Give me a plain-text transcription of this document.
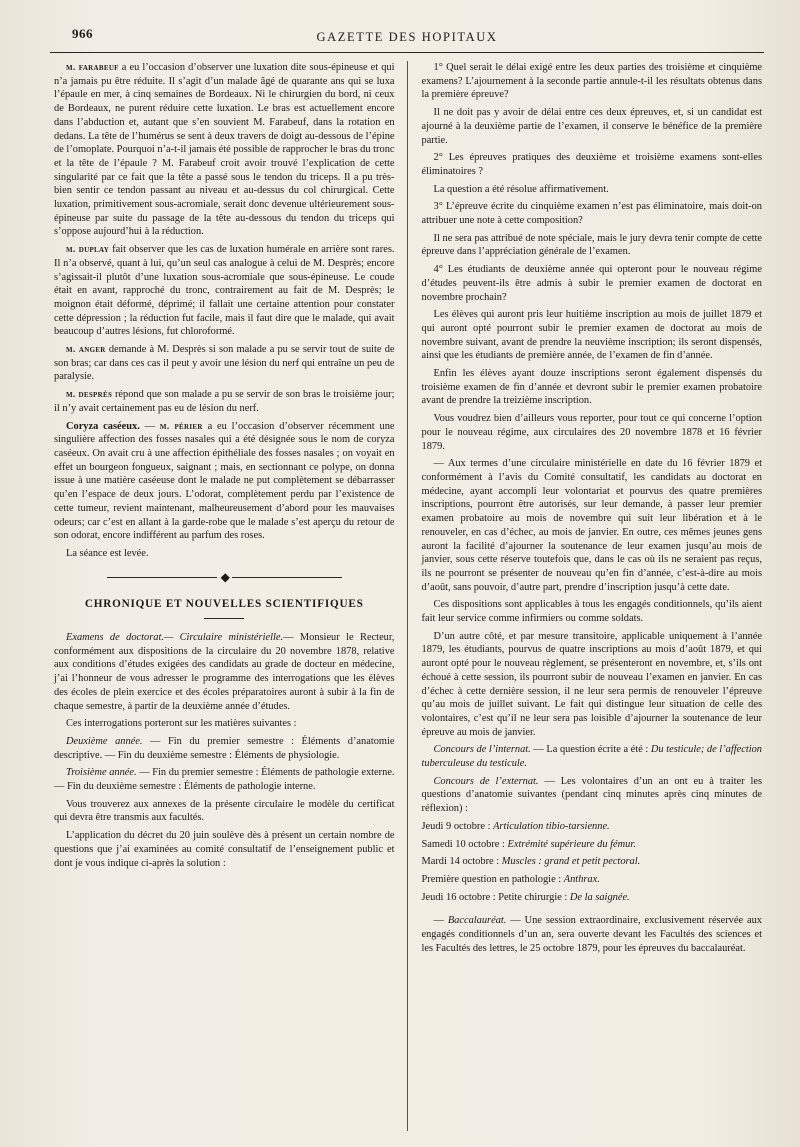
966	GAZETTE DES HOPITAUX

m. farabeuf a eu l’occasion d’observer une luxation dite sous-épineuse et qui n’a jamais pu être réduite. Il s’agit d’un malade âgé de quarante ans qui se luxa l’épaule en mer, à cinq semaines de Bordeaux. Ni le chirurgien du bord, ni ceux de Bordeaux, ne purent réduire cette luxation. Le bras est actuellement encore dans l’abduction et, autant que s’en souvient M. Farabeuf, dans la rotation en dedans. La tête de l’humérus se sent à deux travers de doigt au-dessous de l’épine de l’omoplate. Pourquoi n’a-t-il jamais été possible de rapprocher le bras du tronc et la tête de l’épaule ? M. Farabeuf croit avoir trouvé l’explication de cette singularité par ce fait que la tête a passé sous le tendon du triceps. Il a pu très-bien sentir ce tendon passant au niveau et au-dessus du col chirurgical. Cette luxation, primitivement sous-acromiale, serait donc devenue ultérieurement sous-épineuse par suite du passage de la tête au-dessous du tendon du triceps qui s’oppose aujourd’hui à la réduction.

m. duplay fait observer que les cas de luxation humérale en arrière sont rares. Il n’a observé, quant à lui, qu’un seul cas analogue à celui de M. Desprès; encore s’agissait-il plutôt d’une luxation sous-acromiale que sous-épineuse. Le coude était en avant, rapproché du tronc, contrairement au fait de M. Desprès; le moignon était déformé, déprimé; il fallait une certaine attention pour constater cette dépression ; la réduction fut facile, mais il faut dire que le malade, qui avait beaucoup d’autres lésions, fut chloroformé.

m. anger demande à M. Desprès si son malade a pu se servir tout de suite de son bras; car dans ces cas il peut y avoir une lésion du nerf qui entraîne un peu de paralysie.

m. desprès répond que son malade a pu se servir de son bras le troisième jour; il n’y avait certainement pas eu de lésion du nerf.

Coryza caséeux. — m. périer a eu l’occasion d’observer récemment une singulière affection des fosses nasales qui a été désignée sous le nom de coryza caséeux. On avait cru à une affection épithéliale des fosses nasales ; on voyait en effet un bourgeon fongueux, saignant ; mais, en sectionnant ce polype, on donna issue à une matière caséeuse dont le malade ne put complètement se débarrasser qu’en l’espace de deux jours. L’odorat, complètement perdu par l’existence de cette tumeur, revient maintenant, malheureusement d’abord pour les mauvaises odeurs; car c’est en allant à la garde-robe que le malade s’est aperçu du retour de son odorat, encore indifférent au parfum des roses.

La séance est levée.

◆
CHRONIQUE ET NOUVELLES SCIENTIFIQUES

Examens de doctorat.— Circulaire ministérielle.— Monsieur le Recteur, conformément aux dispositions de la circulaire du 20 novembre 1878, relative aux conditions d’études exigées des candidats au grade de docteur en médecine, j’ai l’honneur de vous adresser le programme des interrogations que les élèves des écoles de plein exercice et des écoles préparatoires auront à subir à la fin de chaque semestre, à partir de la deuxième année d’études.

Ces interrogations porteront sur les matières suivantes :

Deuxième année. — Fin du premier semestre : Éléments d’anatomie descriptive. — Fin du deuxième semestre : Éléments de physiologie.

Troisième année. — Fin du premier semestre : Éléments de pathologie externe. — Fin du deuxième semestre : Éléments de pathologie interne.

Vous trouverez aux annexes de la présente circulaire le modèle du certificat qui devra être transmis aux facultés.

L’application du décret du 20 juin soulève dès à présent un certain nombre de questions que j’ai examinées au comité consultatif de l’enseignement public et dont je vous indique ci-après la solution :

1° Quel serait le délai exigé entre les deux parties des troisième et cinquième examens? L’ajournement à la seconde partie annule-t-il les résultats obtenus dans la première épreuve?

Il ne doit pas y avoir de délai entre ces deux épreuves, et, si un candidat est ajourné à la deuxième partie de l’examen, il conserve le bénéfice de la première partie.

2° Les épreuves pratiques des deuxième et troisième examens sont-elles éliminatoires ?

La question a été résolue affirmativement.

3° L’épreuve écrite du cinquième examen n’est pas éliminatoire, mais doit-on attribuer une note à cette composition?

Il ne sera pas attribué de note spéciale, mais le jury devra tenir compte de cette épreuve dans l’appréciation générale de l’examen.

4° Les étudiants de deuxième année qui opteront pour le nouveau régime d’études peuvent-ils être admis à subir le premier examen de doctorat en novembre prochain?

Les élèves qui auront pris leur huitième inscription au mois de juillet 1879 et qui auront opté pourront subir le premier examen de doctorat au mois de novembre suivant, avant de prendre la neuvième inscription; ils seront dispensés, ainsi que les étudiants de première année, de l’examen de fin d’année.

Enfin les élèves ayant douze inscriptions seront également dispensés du troisième examen de fin d’année et devront subir le premier examen probatoire avant de prendre la treizième inscription.

Vous voudrez bien d’ailleurs vous reporter, pour tout ce qui concerne l’option pour le nouveau régime, aux circulaires des 20 novembre 1878 et 16 février 1879.

— Aux termes d’une circulaire ministérielle en date du 16 février 1879 et conformément à l’avis du Comité consultatif, les candidats au doctorat en médecine, ayant accompli leur volontariat et pourvus des quatre premières inscriptions, pourront être autorisés, sur leur demande, à passer leur premier examen probatoire au mois de novembre qui suit leur libération et à le renouveler, en cas d’échec, au mois de janvier. En outre, ces mêmes jeunes gens auront la facilité d’ajourner la soutenance de leur examen jusqu’au mois de janvier, sous cette réserve toutefois que, dans le cas où ils ne seraient pas reçus, ils ne pourront se présenter de nouveau qu’en fin d’année, c’est-à-dire au mois d’août, sans pouvoir, d’autre part, prendre d’inscription jusqu’à cette date.

Ces dispositions sont applicables à tous les engagés conditionnels, qu’ils aient fait leur service comme infirmiers ou comme soldats.

D’un autre côté, et par mesure transitoire, applicable uniquement à l’année 1879, les étudiants, pourvus de quatre inscriptions au mois d’août 1879, et qui auront opté pour le nouveau règlement, se présenteront en novembre, et, s’ils ont échoué à cette session, ils pourront subir de nouveau l’examen en janvier. En cas d’échec à cette dernière session, il ne leur sera permis de renouveler l’épreuve qu’au mois de juillet suivant. Le fait qui distingue leur situation de celle des volontaires, c’est qu’il ne leur sera pas loisible d’ajourner la soutenance de leur épreuve au mois de janvier.

Concours de l’internat. — La question écrite a été : Du testicule; de l’affection tuberculeuse du testicule.

Concours de l’externat. — Les volontaires d’un an ont eu à traiter les questions d’anatomie suivantes (pendant cinq minutes après cinq minutes de réflexion) :

Jeudi 9 octobre : Articulation tibio-tarsienne.

Samedi 10 octobre : Extrémité supérieure du fémur.

Mardi 14 octobre : Muscles : grand et petit pectoral.

Première question en pathologie : Anthrax.

Jeudi 16 octobre : Petite chirurgie : De la saignée.

— Baccalauréat. — Une session extraordinaire, exclusivement réservée aux engagés conditionnels d’un an, sera ouverte devant les Facultés des sciences et les Facultés des lettres, le 25 octobre 1879, pour les épreuves du baccalauréat.
